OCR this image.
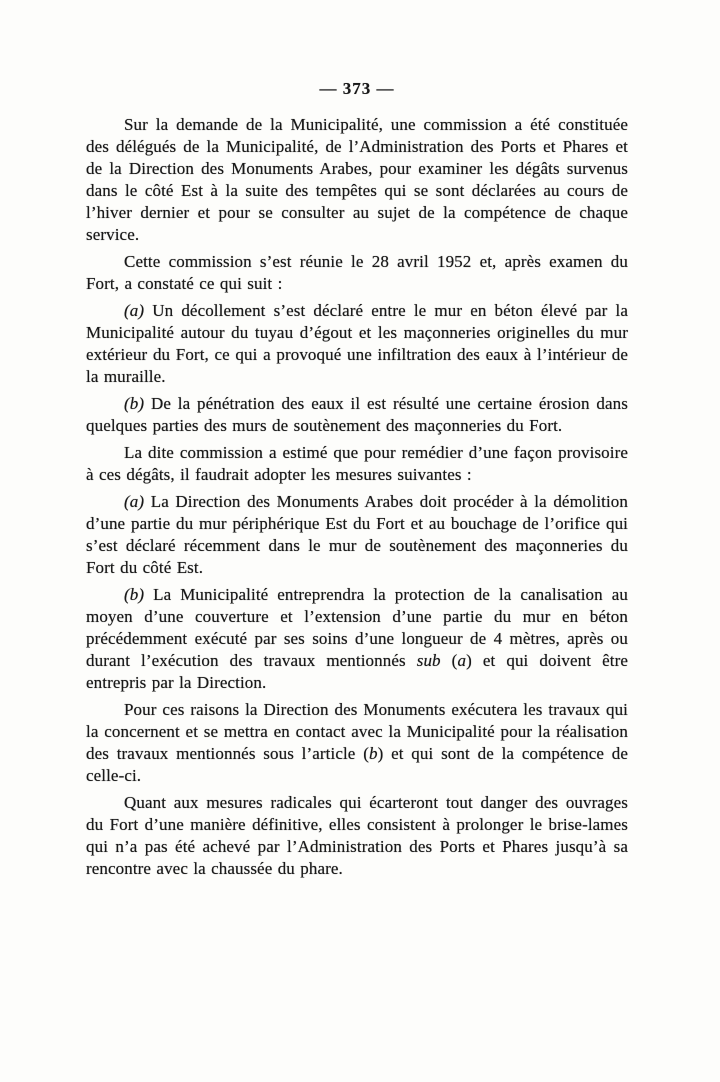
— 373 —

Sur la demande de la Municipalité, une commission a été constituée des délégués de la Municipalité, de l’Administration des Ports et Phares et de la Direction des Monuments Arabes, pour examiner les dégâts survenus dans le côté Est à la suite des tempêtes qui se sont déclarées au cours de l’hiver dernier et pour se consulter au sujet de la compétence de chaque service.

Cette commission s’est réunie le 28 avril 1952 et, après examen du Fort, a constaté ce qui suit :

(a) Un décollement s’est déclaré entre le mur en béton élevé par la Municipalité autour du tuyau d’égout et les maçonneries originelles du mur extérieur du Fort, ce qui a provoqué une infiltration des eaux à l’intérieur de la muraille.

(b) De la pénétration des eaux il est résulté une certaine érosion dans quelques parties des murs de soutènement des maçonneries du Fort.

La dite commission a estimé que pour remédier d’une façon provisoire à ces dégâts, il faudrait adopter les mesures suivantes :

(a) La Direction des Monuments Arabes doit procéder à la démolition d’une partie du mur périphérique Est du Fort et au bouchage de l’orifice qui s’est déclaré récemment dans le mur de soutènement des maçonneries du Fort du côté Est.

(b) La Municipalité entreprendra la protection de la canalisation au moyen d’une couverture et l’extension d’une partie du mur en béton précédemment exécuté par ses soins d’une longueur de 4 mètres, après ou durant l’exécution des travaux mentionnés sub (a) et qui doivent être entrepris par la Direction.

Pour ces raisons la Direction des Monuments exécutera les travaux qui la concernent et se mettra en contact avec la Municipalité pour la réalisation des travaux mentionnés sous l’article (b) et qui sont de la compétence de celle-ci.

Quant aux mesures radicales qui écarteront tout danger des ouvrages du Fort d’une manière définitive, elles consistent à prolonger le brise-lames qui n’a pas été achevé par l’Administration des Ports et Phares jusqu’à sa rencontre avec la chaussée du phare.
